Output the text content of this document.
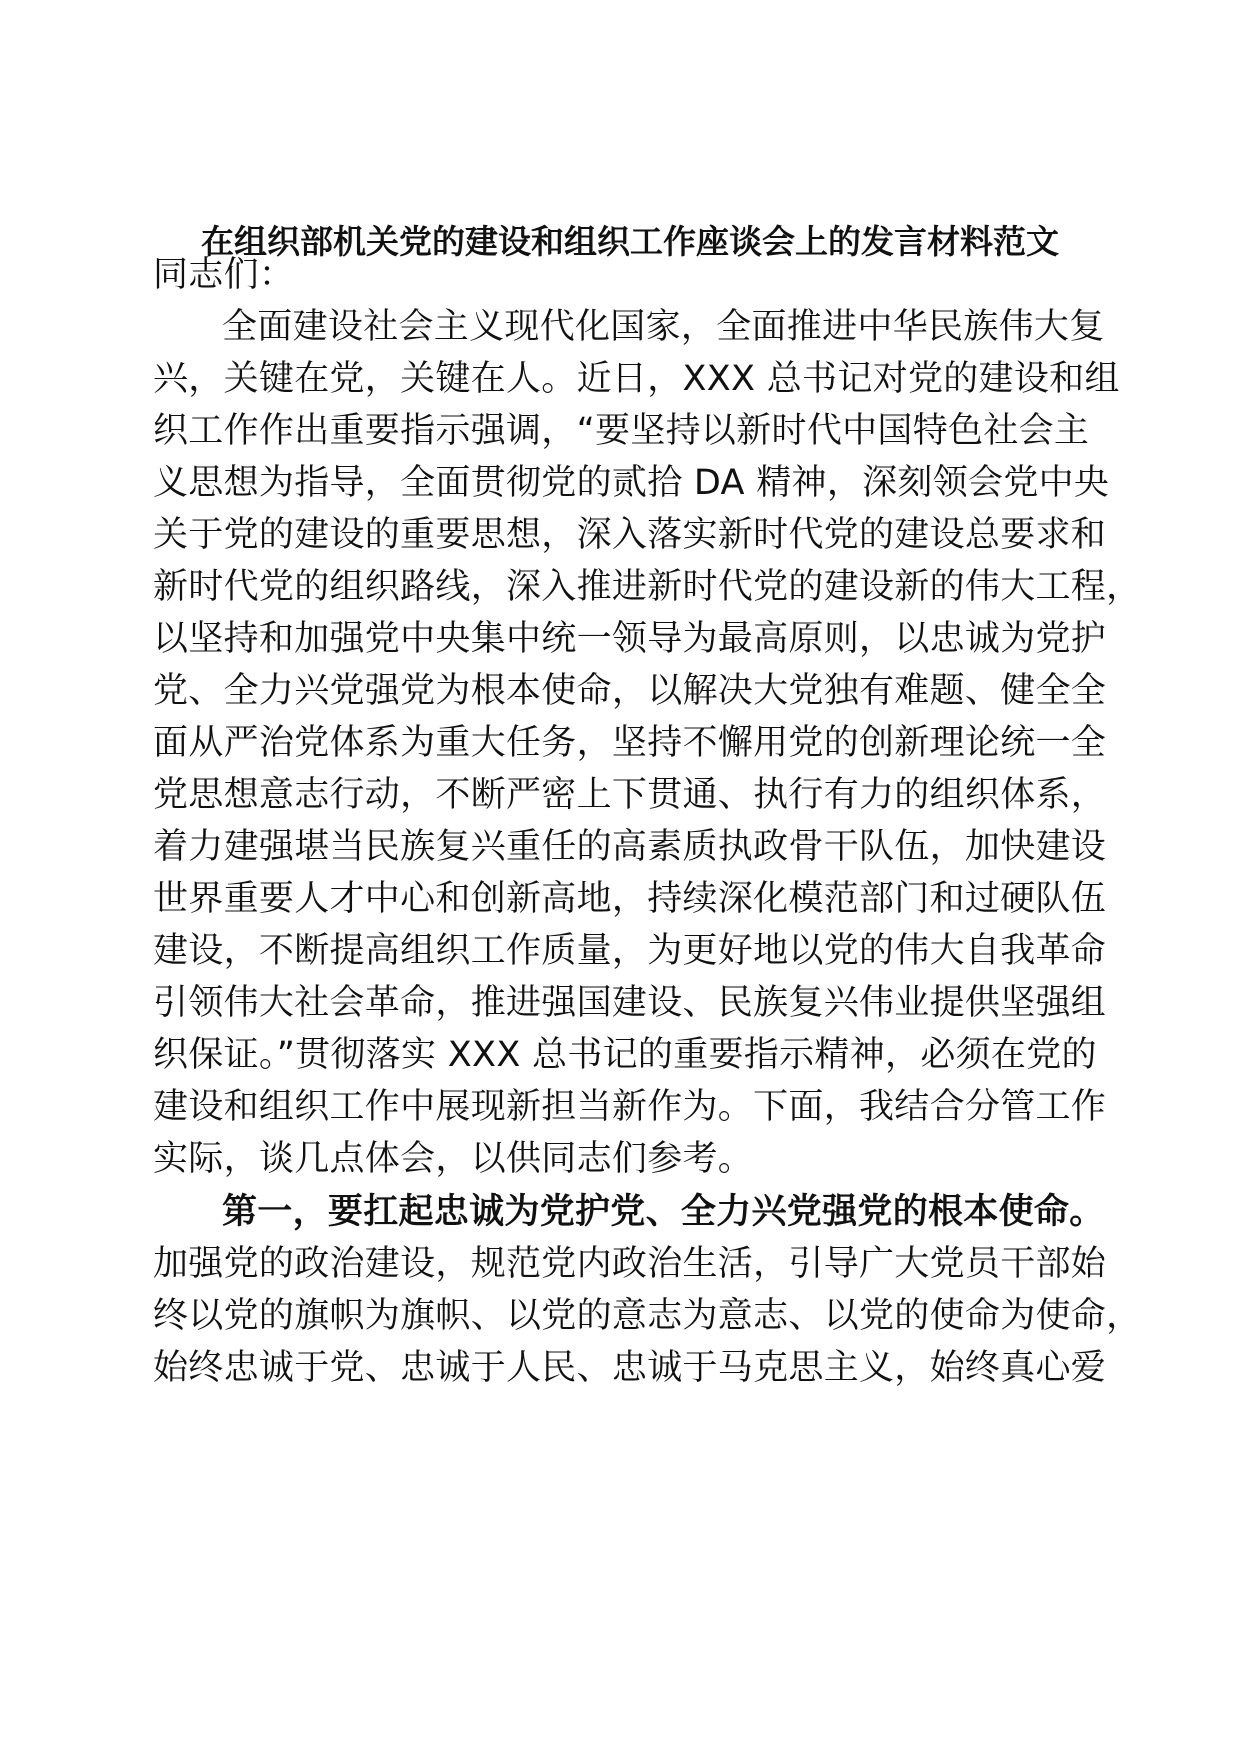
在组织部机关党的建设和组织工作座谈会上的发言材料范文
同志们：
全面建设社会主义现代化国家，全面推进中华民族伟大复
兴，关键在党，关键在人。近日，XXX 总书记对党的建设和组
织工作作出重要指示强调，“要坚持以新时代中国特色社会主
义思想为指导，全面贯彻党的贰拾 DA 精神，深刻领会党中央
关于党的建设的重要思想，深入落实新时代党的建设总要求和
新时代党的组织路线，深入推进新时代党的建设新的伟大工程，
以坚持和加强党中央集中统一领导为最高原则，以忠诚为党护
党、全力兴党强党为根本使命，以解决大党独有难题、健全全
面从严治党体系为重大任务，坚持不懈用党的创新理论统一全
党思想意志行动，不断严密上下贯通、执行有力的组织体系，
着力建强堪当民族复兴重任的高素质执政骨干队伍，加快建设
世界重要人才中心和创新高地，持续深化模范部门和过硬队伍
建设，不断提高组织工作质量，为更好地以党的伟大自我革命
引领伟大社会革命，推进强国建设、民族复兴伟业提供坚强组
织保证。”贯彻落实 XXX 总书记的重要指示精神，必须在党的
建设和组织工作中展现新担当新作为。下面，我结合分管工作
实际，谈几点体会，以供同志们参考。
第一，要扛起忠诚为党护党、全力兴党强党的根本使命。
加强党的政治建设，规范党内政治生活，引导广大党员干部始
终以党的旗帜为旗帜、以党的意志为意志、以党的使命为使命，
始终忠诚于党、忠诚于人民、忠诚于马克思主义，始终真心爱
